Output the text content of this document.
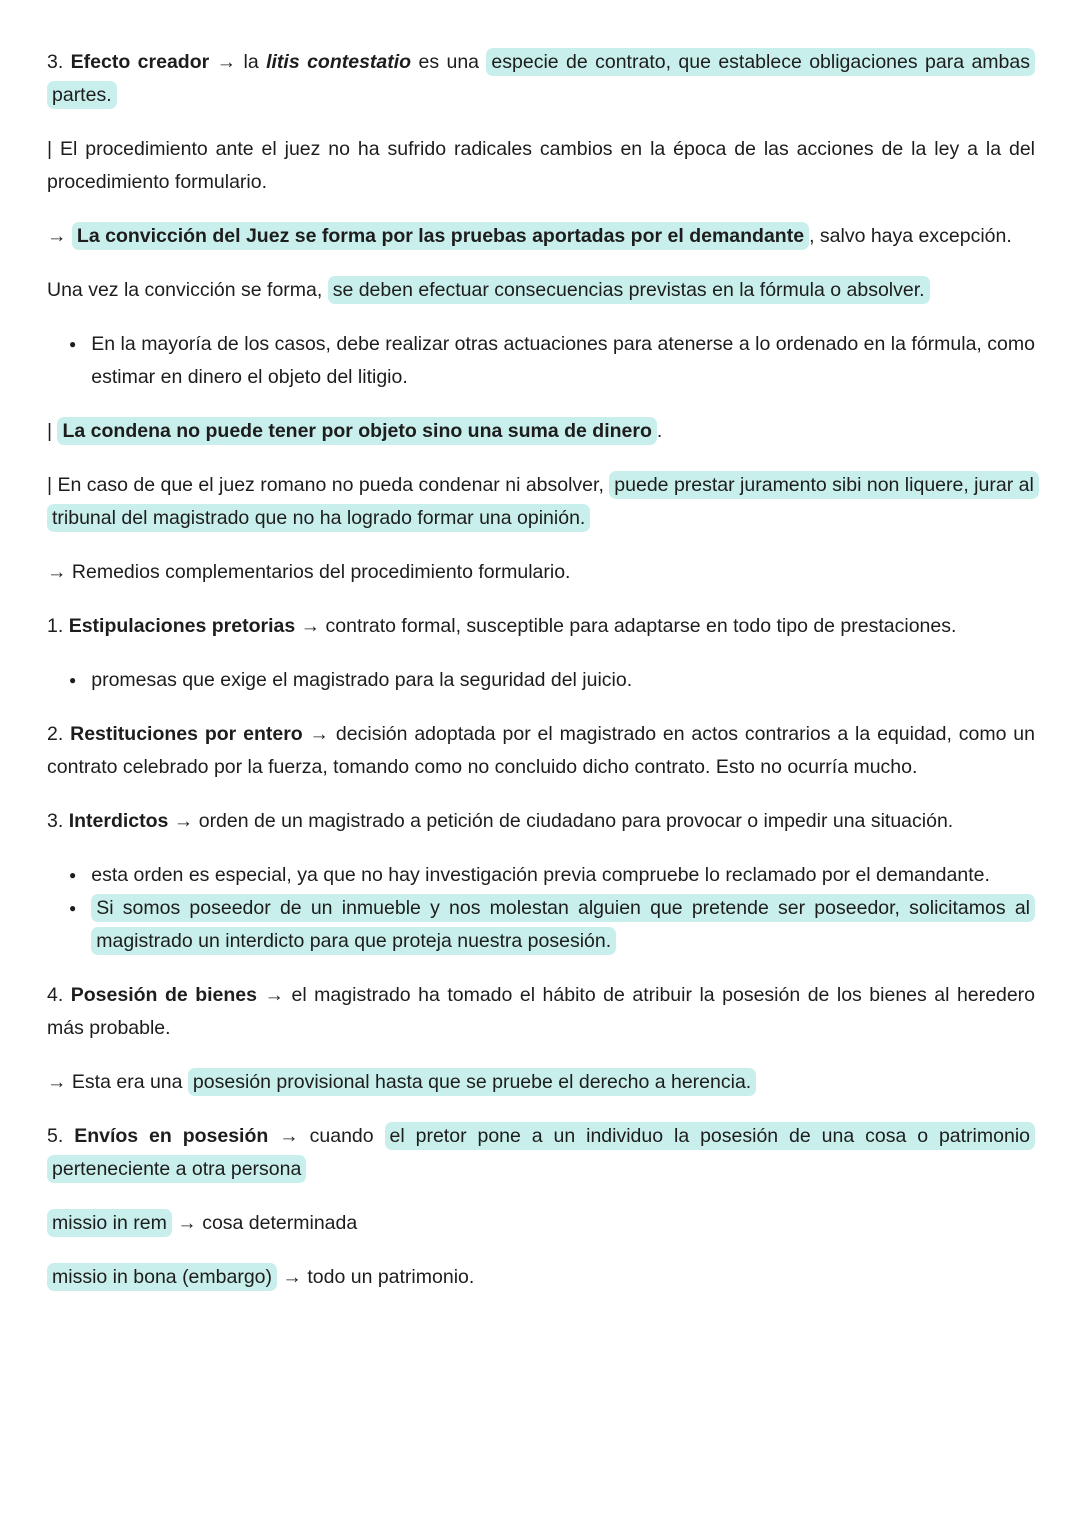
3. Efecto creador → la litis contestatio es una especie de contrato, que establece obligaciones para ambas partes.

| El procedimiento ante el juez no ha sufrido radicales cambios en la época de las acciones de la ley a la del procedimiento formulario.

→ La convicción del Juez se forma por las pruebas aportadas por el demandante , salvo haya excepción.

Una vez la convicción se forma, se deben efectuar consecuencias previstas en la fórmula o absolver.

● En la mayoría de los casos, debe realizar otras actuaciones para atenerse a lo ordenado en la fórmula, como estimar en dinero el objeto del litigio.

| La condena no puede tener por objeto sino una suma de dinero .

| En caso de que el juez romano no pueda condenar ni absolver, puede prestar juramento sibi non liquere, jurar al tribunal del magistrado que no ha logrado formar una opinión.

→ Remedios complementarios del procedimiento formulario.

1. Estipulaciones pretorias → contrato formal, susceptible para adaptarse en todo tipo de prestaciones.

● promesas que exige el magistrado para la seguridad del juicio.

2. Restituciones por entero → decisión adoptada por el magistrado en actos contrarios a la equidad, como un contrato celebrado por la fuerza, tomando como no concluido dicho contrato. Esto no ocurría mucho.

3. Interdictos → orden de un magistrado a petición de ciudadano para provocar o impedir una situación.

● esta orden es especial, ya que no hay investigación previa compruebe lo reclamado por el demandante.
● Si somos poseedor de un inmueble y nos molestan alguien que pretende ser poseedor, solicitamos al magistrado un interdicto para que proteja nuestra posesión.

4. Posesión de bienes → el magistrado ha tomado el hábito de atribuir la posesión de los bienes al heredero más probable.

→ Esta era una posesión provisional hasta que se pruebe el derecho a herencia.

5. Envíos en posesión → cuando el pretor pone a un individuo la posesión de una cosa o patrimonio perteneciente a otra persona

missio in rem → cosa determinada

missio in bona (embargo) → todo un patrimonio.
